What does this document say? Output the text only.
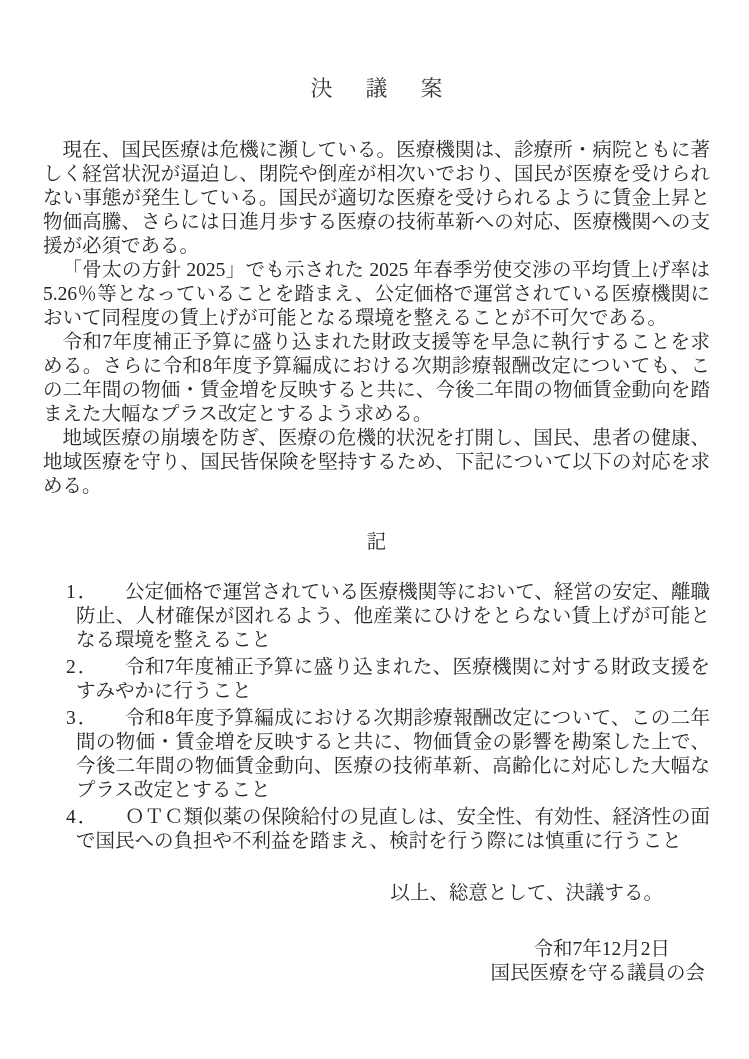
決議案

現在、国民医療は危機に瀕している。医療機関は、診療所・病院ともに著しく経営状況が逼迫し、閉院や倒産が相次いでおり、国民が医療を受けられない事態が発生している。国民が適切な医療を受けられるように賃金上昇と物価高騰、さらには日進月歩する医療の技術革新への対応、医療機関への支援が必須である。

「骨太の方針 2025」でも示された 2025 年春季労使交渉の平均賃上げ率は5.26％等となっていることを踏まえ、公定価格で運営されている医療機関において同程度の賃上げが可能となる環境を整えることが不可欠である。

令和7年度補正予算に盛り込まれた財政支援等を早急に執行することを求める。さらに令和8年度予算編成における次期診療報酬改定についても、この二年間の物価・賃金増を反映すると共に、今後二年間の物価賃金動向を踏まえた大幅なプラス改定とするよう求める。

地域医療の崩壊を防ぎ、医療の危機的状況を打開し、国民、患者の健康、地域医療を守り、国民皆保険を堅持するため、下記について以下の対応を求める。

記
1． 公定価格で運営されている医療機関等において、経営の安定、離職防止、人材確保が図れるよう、他産業にひけをとらない賃上げが可能となる環境を整えること
2． 令和7年度補正予算に盛り込まれた、医療機関に対する財政支援をすみやかに行うこと
3． 令和8年度予算編成における次期診療報酬改定について、この二年間の物価・賃金増を反映すると共に、物価賃金の影響を勘案した上で、今後二年間の物価賃金動向、医療の技術革新、高齢化に対応した大幅なプラス改定とすること
4． ＯＴＣ類似薬の保険給付の見直しは、安全性、有効性、経済性の面で国民への負担や不利益を踏まえ、検討を行う際には慎重に行うこと

以上、総意として、決議する。

令和7年12月2日

国民医療を守る議員の会
